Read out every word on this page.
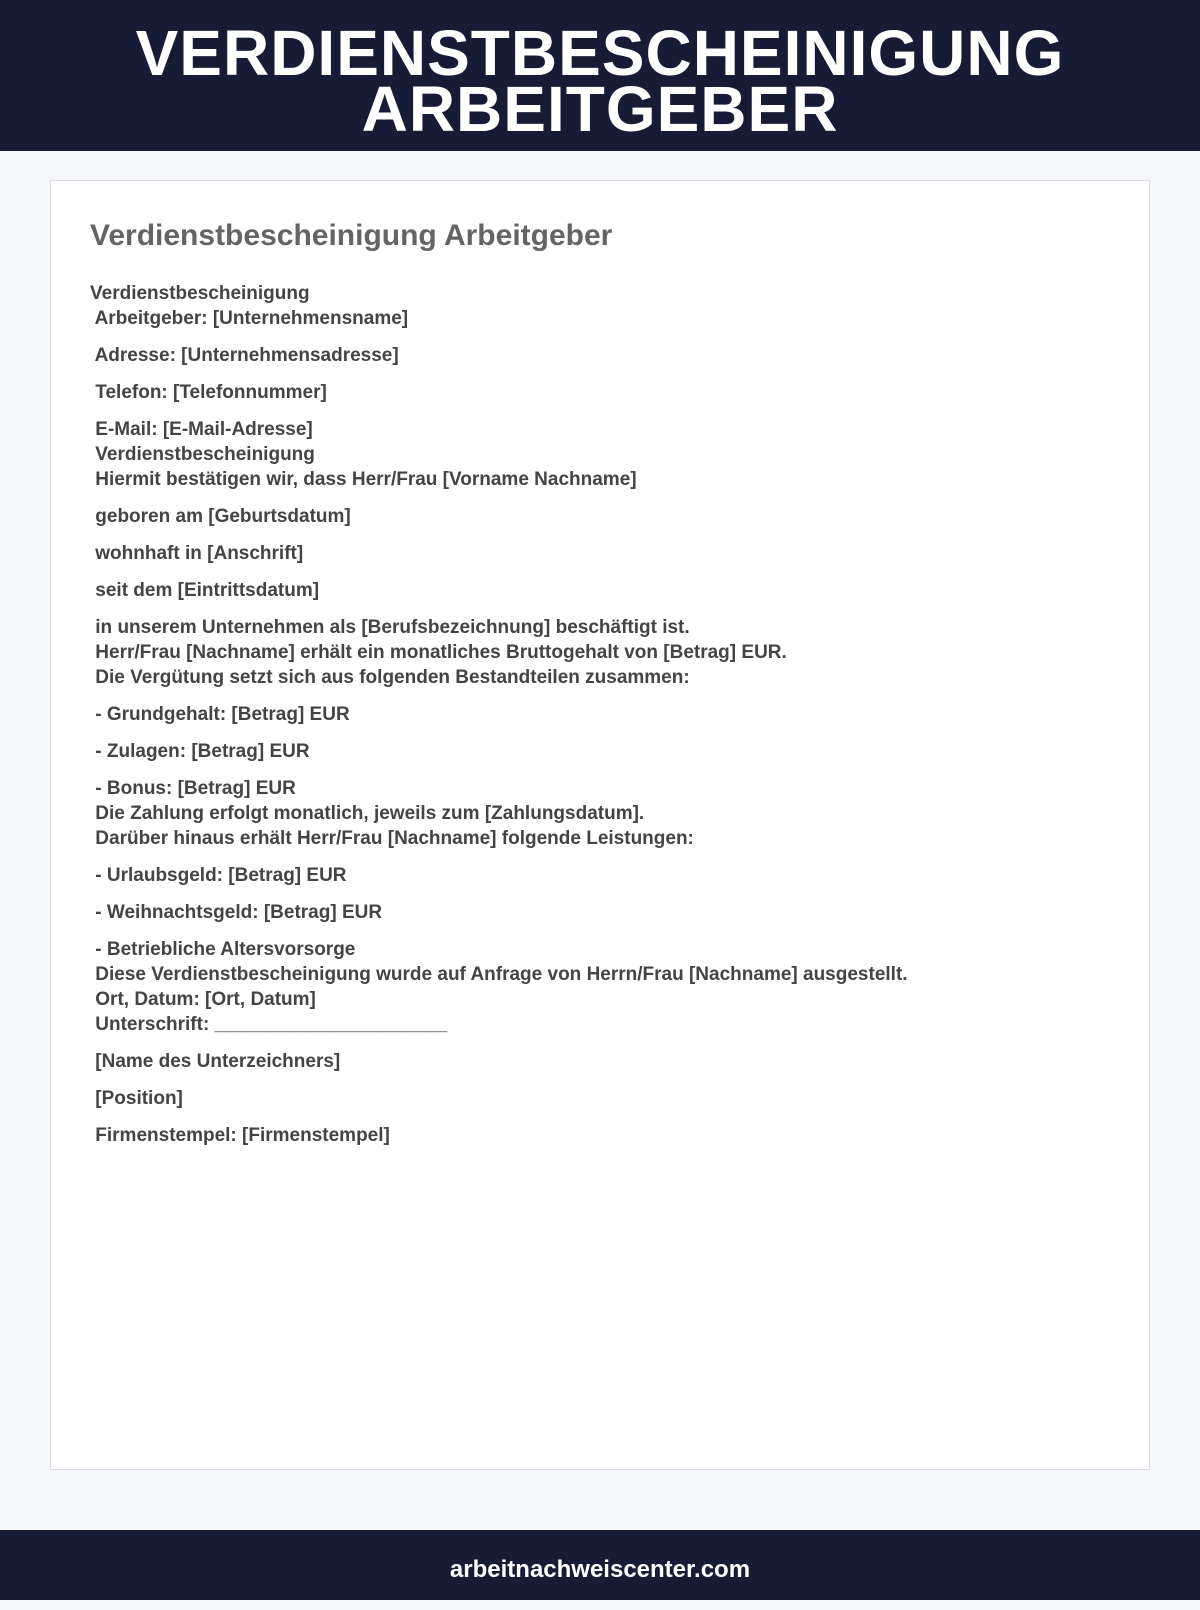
VERDIENSTBESCHEINIGUNG
ARBEITGEBER
Verdienstbescheinigung Arbeitgeber
Verdienstbescheinigung
Arbeitgeber: [Unternehmensname]
Adresse: [Unternehmensadresse]
Telefon: [Telefonnummer]
E-Mail: [E-Mail-Adresse]
Verdienstbescheinigung
Hiermit bestätigen wir, dass Herr/Frau [Vorname Nachname]
geboren am [Geburtsdatum]
wohnhaft in [Anschrift]
seit dem [Eintrittsdatum]
in unserem Unternehmen als [Berufsbezeichnung] beschäftigt ist.
Herr/Frau [Nachname] erhält ein monatliches Bruttogehalt von [Betrag] EUR.
Die Vergütung setzt sich aus folgenden Bestandteilen zusammen:
- Grundgehalt: [Betrag] EUR
- Zulagen: [Betrag] EUR
- Bonus: [Betrag] EUR
Die Zahlung erfolgt monatlich, jeweils zum [Zahlungsdatum].
Darüber hinaus erhält Herr/Frau [Nachname] folgende Leistungen:
- Urlaubsgeld: [Betrag] EUR
- Weihnachtsgeld: [Betrag] EUR
- Betriebliche Altersvorsorge
Diese Verdienstbescheinigung wurde auf Anfrage von Herrn/Frau [Nachname] ausgestellt.
Ort, Datum: [Ort, Datum]
Unterschrift: ______________________
[Name des Unterzeichners]
[Position]
Firmenstempel: [Firmenstempel]
arbeitnachweiscenter.com
